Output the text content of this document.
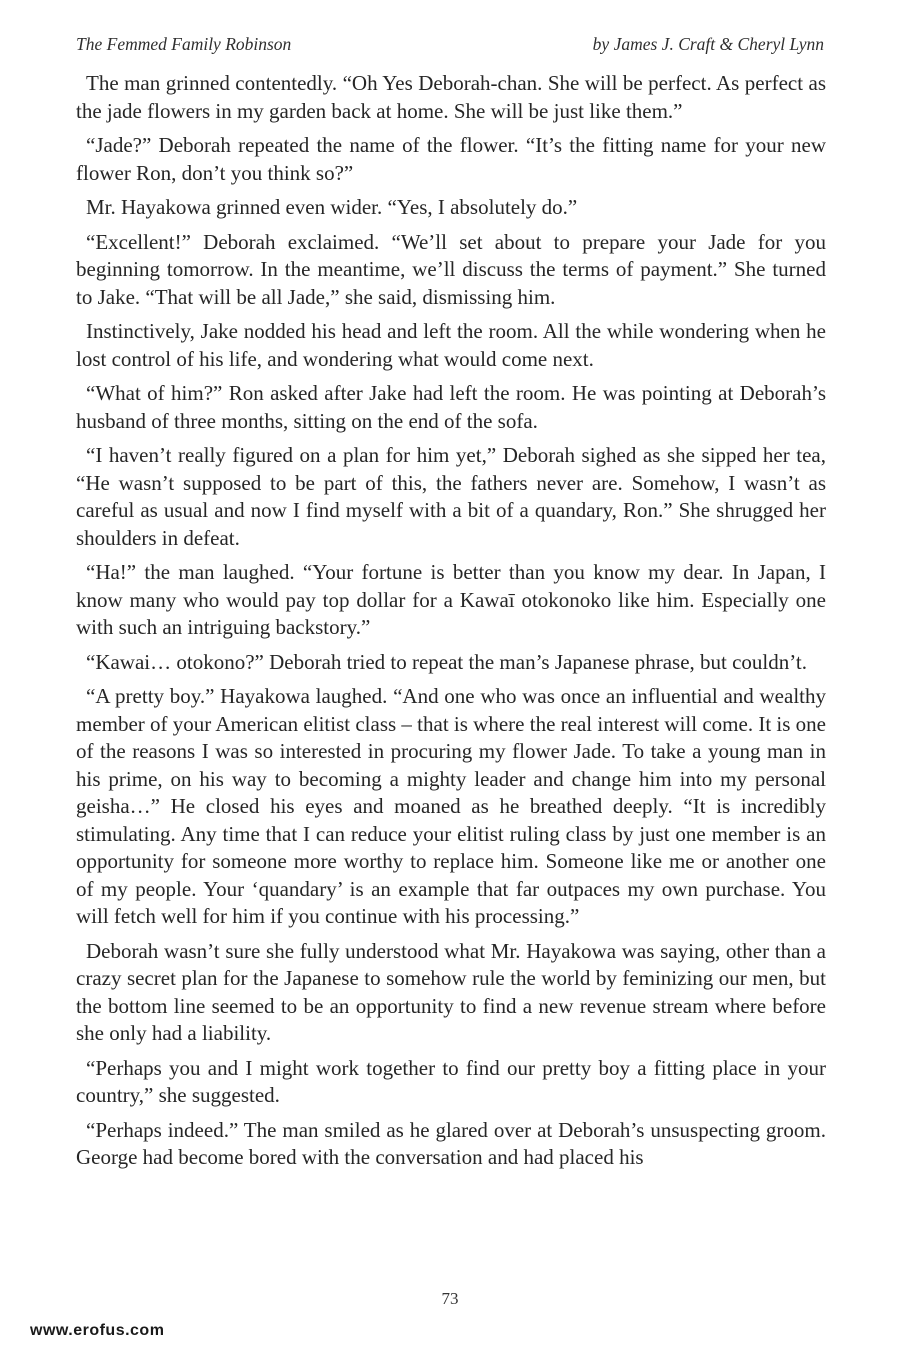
The Femmed Family Robinson	by James J. Craft & Cheryl Lynn

The man grinned contentedly. “Oh Yes Deborah-chan. She will be perfect. As perfect as the jade flowers in my garden back at home. She will be just like them.”

“Jade?” Deborah repeated the name of the flower. “It’s the fitting name for your new flower Ron, don’t you think so?”

Mr. Hayakowa grinned even wider. “Yes, I absolutely do.”

“Excellent!” Deborah exclaimed. “We’ll set about to prepare your Jade for you beginning tomorrow. In the meantime, we’ll discuss the terms of payment.” She turned to Jake. “That will be all Jade,” she said, dismissing him.

Instinctively, Jake nodded his head and left the room. All the while wondering when he lost control of his life, and wondering what would come next.

“What of him?” Ron asked after Jake had left the room. He was pointing at Deborah’s husband of three months, sitting on the end of the sofa.

“I haven’t really figured on a plan for him yet,” Deborah sighed as she sipped her tea, “He wasn’t supposed to be part of this, the fathers never are. Somehow, I wasn’t as careful as usual and now I find myself with a bit of a quandary, Ron.” She shrugged her shoulders in defeat.

“Ha!” the man laughed. “Your fortune is better than you know my dear. In Japan, I know many who would pay top dollar for a Kawaī otokonoko like him. Especially one with such an intriguing backstory.”

“Kawai… otokono?” Deborah tried to repeat the man’s Japanese phrase, but couldn’t.

“A pretty boy.” Hayakowa laughed. “And one who was once an influential and wealthy member of your American elitist class – that is where the real interest will come. It is one of the reasons I was so interested in procuring my flower Jade. To take a young man in his prime, on his way to becoming a mighty leader and change him into my personal geisha…” He closed his eyes and moaned as he breathed deeply. “It is incredibly stimulating. Any time that I can reduce your elitist ruling class by just one member is an opportunity for someone more worthy to replace him. Someone like me or another one of my people. Your ‘quandary’ is an example that far outpaces my own purchase. You will fetch well for him if you continue with his processing.”

Deborah wasn’t sure she fully understood what Mr. Hayakowa was saying, other than a crazy secret plan for the Japanese to somehow rule the world by feminizing our men, but the bottom line seemed to be an opportunity to find a new revenue stream where before she only had a liability.

“Perhaps you and I might work together to find our pretty boy a fitting place in your country,” she suggested.

“Perhaps indeed.” The man smiled as he glared over at Deborah’s unsuspecting groom. George had become bored with the conversation and had placed his

73
www.erofus.com
